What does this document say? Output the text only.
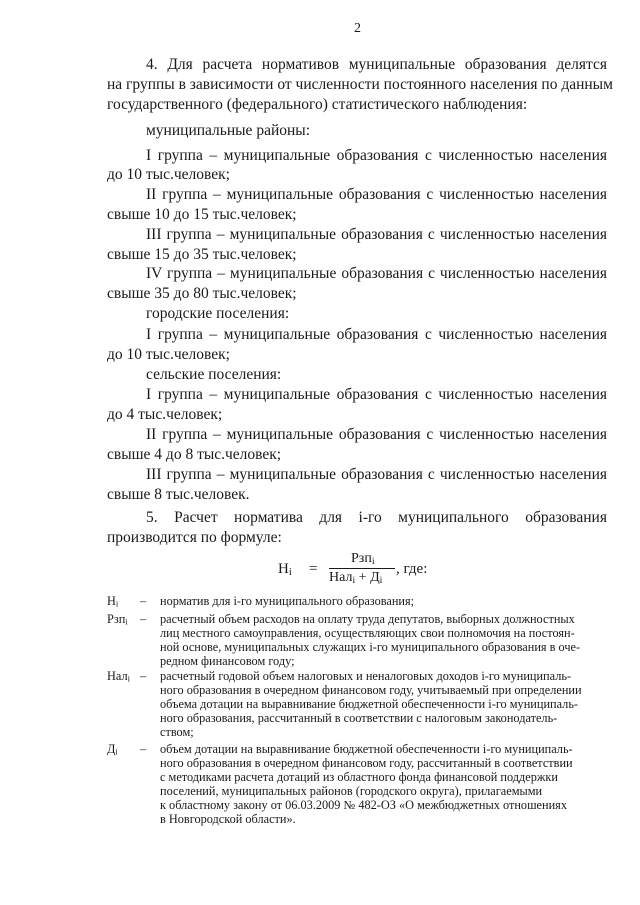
2
4. Для расчета нормативов муниципальные образования делятся
на группы в зависимости от численности постоянного населения по данным
государственного (федерального) статистического наблюдения:
муниципальные районы:
I группа – муниципальные образования с численностью населения
до 10 тыс.человек;
II группа – муниципальные образования с численностью населения
свыше 10 до 15 тыс.человек;
III группа – муниципальные образования с численностью населения
свыше 15 до 35 тыс.человек;
IV группа – муниципальные образования с численностью населения
свыше 35 до 80 тыс.человек;
городские поселения:
I группа – муниципальные образования с численностью населения
до 10 тыс.человек;
сельские поселения:
I группа – муниципальные образования с численностью населения
до 4 тыс.человек;
II группа – муниципальные образования с численностью населения
свыше 4 до 8 тыс.человек;
III группа – муниципальные образования с численностью населения
свыше 8 тыс.человек.
5. Расчет норматива для i-го муниципального образования
производится по формуле:
$Н_i$ =
Рзп$_i$
$Нал_i + Д_i$
, где:
$Н_i$ – норматив для i-го муниципального образования;
Рзп$_i$ – расчетный объем расходов на оплату труда депутатов, выборных должностных
лиц местного самоуправления, осуществляющих свои полномочия на постоян-
ной основе, муниципальных служащих i-го муниципального образования в оче-
редном финансовом году;
Нал$_i$ – расчетный годовой объем налоговых и неналоговых доходов i-го муниципаль-
ного образования в очередном финансовом году, учитываемый при определении
объема дотации на выравнивание бюджетной обеспеченности i-го муниципаль-
ного образования, рассчитанный в соответствии с налоговым законодатель-
ством;
$Д_i$ – объем дотации на выравнивание бюджетной обеспеченности i-го муниципаль-
ного образования в очередном финансовом году, рассчитанный в соответствии
с методиками расчета дотаций из областного фонда финансовой поддержки
поселений, муниципальных районов (городского округа), прилагаемыми
к областному закону от 06.03.2009 № 482-ОЗ «О межбюджетных отношениях
в Новгородской области».
